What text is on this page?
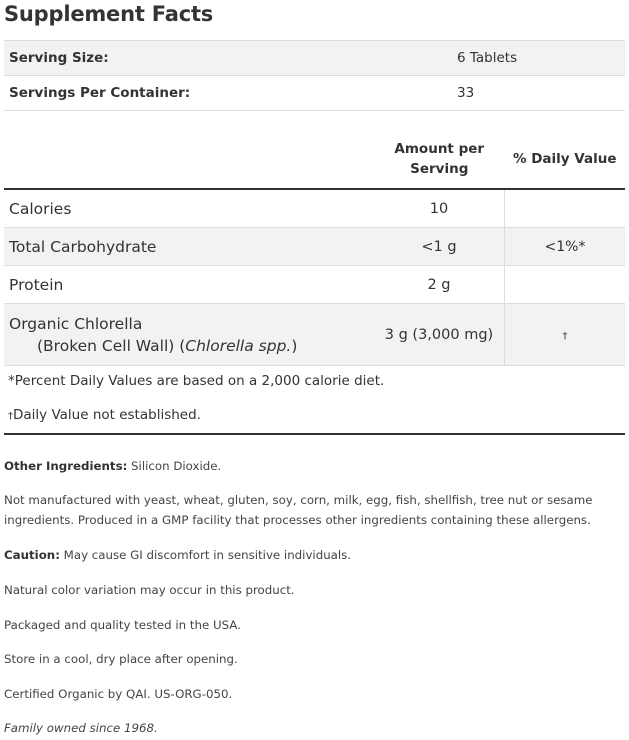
Supplement Facts
Serving Size:	6 Tablets
Servings Per Container:	33
	Amount per
Serving	% Daily Value
Calories	10	
Total Carbohydrate	<1 g	<1%*
Protein	2 g	
Organic Chlorella
(Broken Cell Wall) (Chlorella spp.)	3 g (3,000 mg)	†
*Percent Daily Values are based on a 2,000 calorie diet.
†Daily Value not established.
Other Ingredients: Silicon Dioxide.
Not manufactured with yeast, wheat, gluten, soy, corn, milk, egg, fish, shellfish, tree nut or sesame ingredients. Produced in a GMP facility that processes other ingredients containing these allergens.
Caution: May cause GI discomfort in sensitive individuals.
Natural color variation may occur in this product.
Packaged and quality tested in the USA.
Store in a cool, dry place after opening.
Certified Organic by QAI. US-ORG-050.
Family owned since 1968.
